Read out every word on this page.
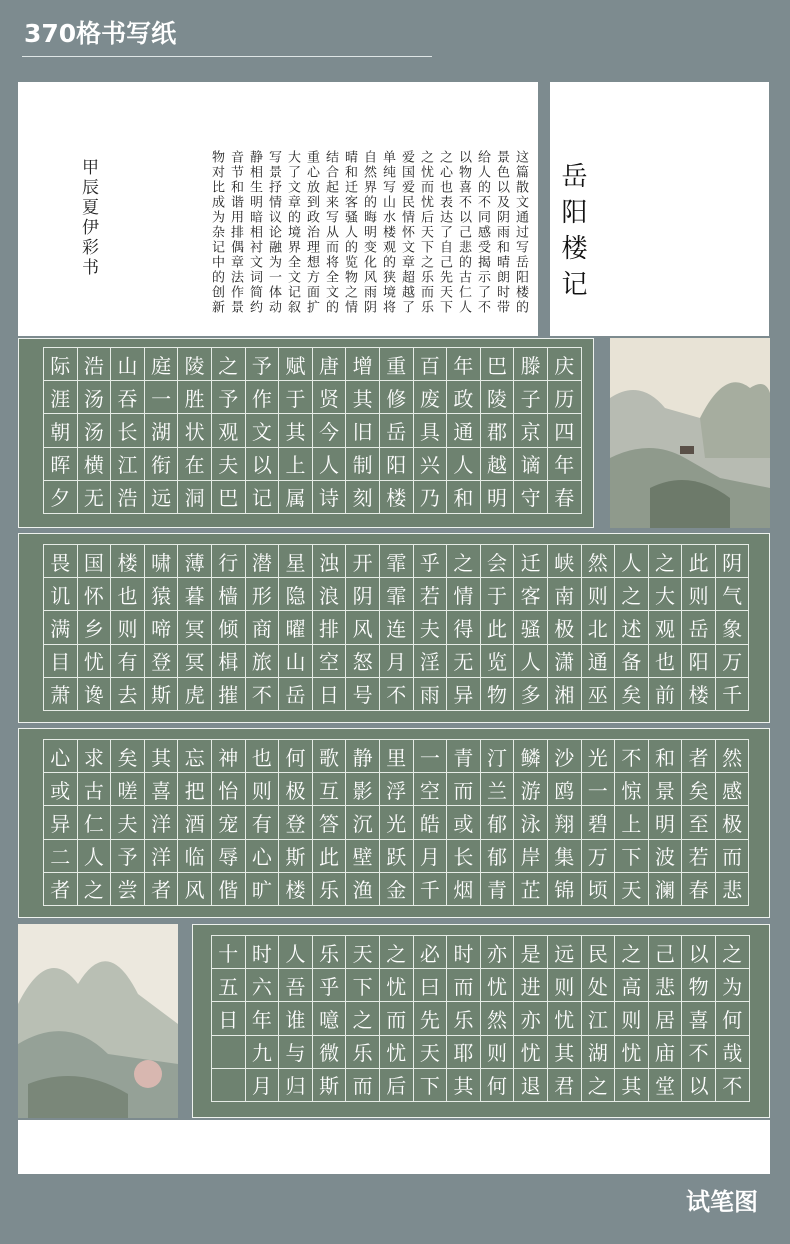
370格书写纸
这篇散文通过写岳阳楼的景色以及阴雨和晴朗时带给人的不同感受揭示了不以物喜不以己悲的古仁人之心也表达了自己先天下之忧而忧后天下之乐而乐爱国爱民情怀文章超越了单纯写山水楼观的狭境将自然界的晦明变化风雨阴晴和迁客骚人的览物之情结合起来写从而将全文的重心放到政治理想方面扩大了文章的境界全文记叙写景抒情议论融为一体动静相生明暗相衬文词简约音节和谐用排偶章法作景物对比成为杂记中的创新
甲辰夏伊彩书	岳阳楼记
际 浩 山 庭 陵 之 予 赋 唐 增 重 百 年 巴 滕 庆
涯 汤 吞 一 胜 予 作 于 贤 其 修 废 政 陵 子 历
朝 汤 长 湖 状 观 文 其 今 旧 岳 具 通 郡 京 四
晖 横 江 衔 在 夫 以 上 人 制 阳 兴 人 越 谪 年
夕 无 浩 远 洞 巴 记 属 诗 刻 楼 乃 和 明 守 春
畏 国 楼 啸 薄 行 潜 星 浊 开 霏 乎 之 会 迁 峡 然 人 之 此 阴
讥 怀 也 猿 暮 樯 形 隐 浪 阴 霏 若 情 于 客 南 则 之 大 则 气
满 乡 则 啼 冥 倾 商 曜 排 风 连 夫 得 此 骚 极 北 述 观 岳 象
目 忧 有 登 冥 楫 旅 山 空 怒 月 淫 无 览 人 潇 通 备 也 阳 万
萧 谗 去 斯 虎 摧 不 岳 日 号 不 雨 异 物 多 湘 巫 矣 前 楼 千
心 求 矣 其 忘 神 也 何 歌 静 里 一 青 汀 鳞 沙 光 不 和 者 然
或 古 嗟 喜 把 怡 则 极 互 影 浮 空 而 兰 游 鸥 一 惊 景 矣 感
异 仁 夫 洋 酒 宠 有 登 答 沉 光 皓 或 郁 泳 翔 碧 上 明 至 极
二 人 予 洋 临 辱 心 斯 此 壁 跃 月 长 郁 岸 集 万 下 波 若 而
者 之 尝 者 风 偕 旷 楼 乐 渔 金 千 烟 青 芷 锦 顷 天 澜 春 悲
十 时 人 乐 天 之 必 时 亦 是 远 民 之 己 以 之
五 六 吾 乎 下 忧 曰 而 忧 进 则 处 高 悲 物 为
日 年 谁 噫 之 而 先 乐 然 亦 忧 江 则 居 喜 何
九 与 微 乐 忧 天 耶 则 忧 其 湖 忧 庙 不 哉
月 归 斯 而 后 下 其 何 退 君 之 其 堂 以 不
试笔图
